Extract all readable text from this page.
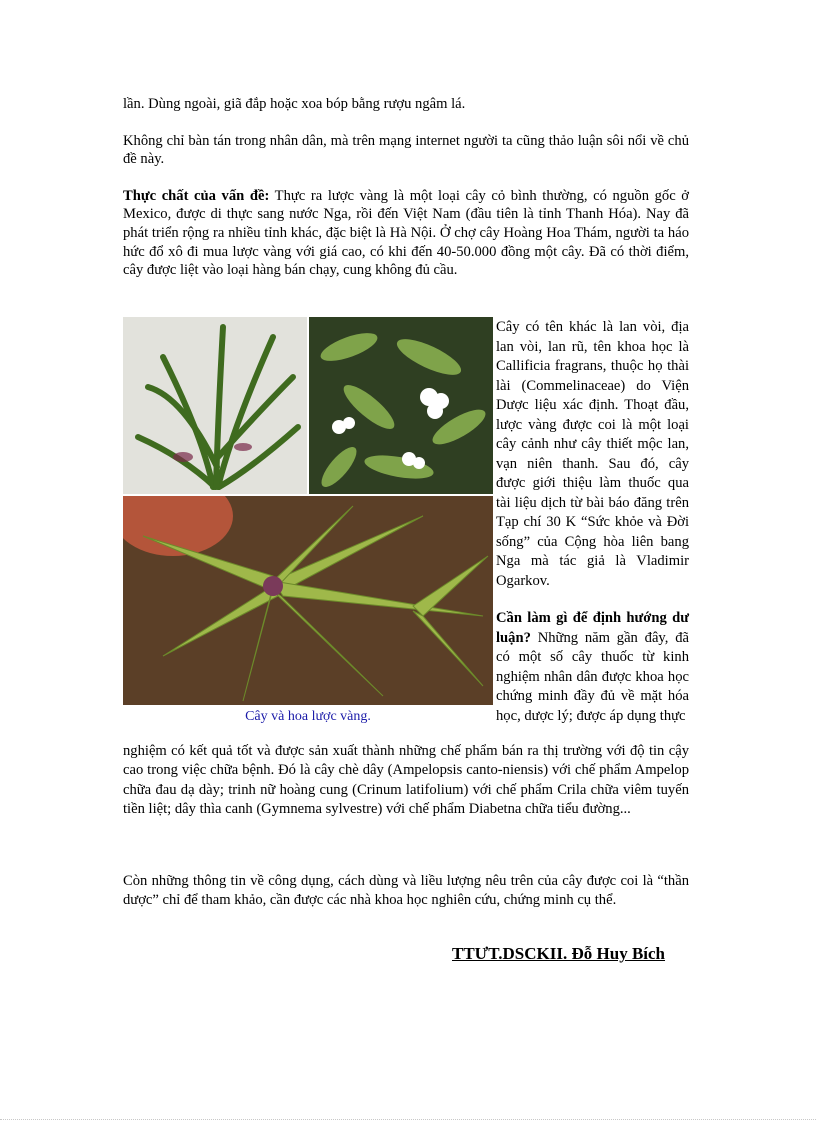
lần. Dùng ngoài, giã đắp hoặc xoa bóp bằng rượu ngâm lá.

Không chỉ bàn tán trong nhân dân, mà trên mạng internet người ta cũng thảo luận sôi nổi về chủ đề này.

Thực chất của vấn đề: Thực ra lược vàng là một loại cây cỏ bình thường, có nguồn gốc ở Mexico, được di thực sang nước Nga, rồi đến Việt Nam (đầu tiên là tỉnh Thanh Hóa). Nay đã phát triển rộng ra nhiều tỉnh khác, đặc biệt là Hà Nội. Ở chợ cây Hoàng Hoa Thám, người ta háo hức đổ xô đi mua lược vàng với giá cao, có khi đến 40-50.000 đồng một cây. Đã có thời điểm, cây được liệt vào loại hàng bán chạy, cung không đủ cầu.

Cây và hoa lược vàng.

Cây có tên khác là lan vòi, địa lan vòi, lan rũ, tên khoa học là Callificia fragrans, thuộc họ thài lài (Commelinaceae) do Viện Dược liệu xác định. Thoạt đầu, lược vàng được coi là một loại cây cảnh như cây thiết mộc lan, vạn niên thanh. Sau đó, cây được giới thiệu làm thuốc qua tài liệu dịch từ bài báo đăng trên Tạp chí 30 K “Sức khỏe và Đời sống” của Cộng hòa liên bang Nga mà tác giả là Vladimir Ogarkov.

Cần làm gì để định hướng dư luận? Những năm gần đây, đã có một số cây thuốc từ kinh nghiệm nhân dân được khoa học chứng minh đầy đủ về mặt hóa học, dược lý; được áp dụng thực

nghiệm có kết quả tốt và được sản xuất thành những chế phẩm bán ra thị trường với độ tin cậy cao trong việc chữa bệnh. Đó là cây chè dây (Ampelopsis canto-niensis) với chế phẩm Ampelop chữa đau dạ dày; trinh nữ hoàng cung (Crinum latifolium) với chế phẩm Crila chữa viêm tuyến tiền liệt; dây thìa canh (Gymnema sylvestre) với chế phẩm Diabetna chữa tiểu đường...
Còn những thông tin về công dụng, cách dùng và liều lượng nêu trên của cây được coi là “thần dược” chỉ để tham khảo, cần được các nhà khoa học nghiên cứu, chứng minh cụ thể.
TTƯT.DSCKII. Đỗ Huy Bích
